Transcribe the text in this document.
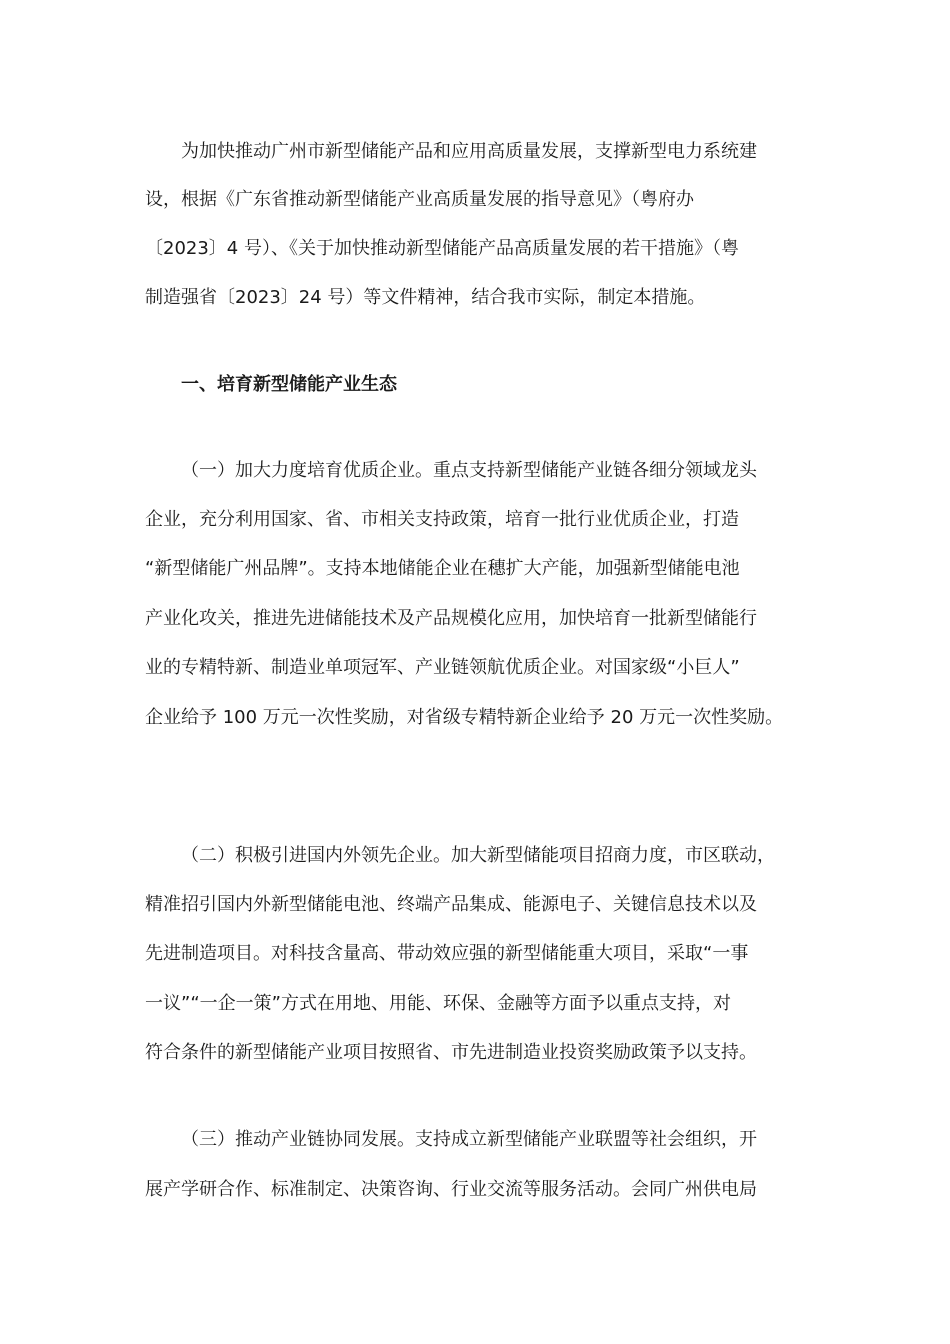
为加快推动广州市新型储能产品和应用高质量发展，支撑新型电力系统建
设，根据《广东省推动新型储能产业高质量发展的指导意见》（粤府办
〔2023〕4 号）、《关于加快推动新型储能产品高质量发展的若干措施》（粤
制造强省〔2023〕24 号）等文件精神，结合我市实际，制定本措施。
一、培育新型储能产业生态
（一）加大力度培育优质企业。重点支持新型储能产业链各细分领域龙头
企业，充分利用国家、省、市相关支持政策，培育一批行业优质企业，打造
“新型储能广州品牌”。支持本地储能企业在穗扩大产能，加强新型储能电池
产业化攻关，推进先进储能技术及产品规模化应用，加快培育一批新型储能行
业的专精特新、制造业单项冠军、产业链领航优质企业。对国家级“小巨人”
企业给予 100 万元一次性奖励，对省级专精特新企业给予 20 万元一次性奖励。
（二）积极引进国内外领先企业。加大新型储能项目招商力度，市区联动，
精准招引国内外新型储能电池、终端产品集成、能源电子、关键信息技术以及
先进制造项目。对科技含量高、带动效应强的新型储能重大项目，采取“一事
一议”“一企一策”方式在用地、用能、环保、金融等方面予以重点支持，对
符合条件的新型储能产业项目按照省、市先进制造业投资奖励政策予以支持。
（三）推动产业链协同发展。支持成立新型储能产业联盟等社会组织，开
展产学研合作、标准制定、决策咨询、行业交流等服务活动。会同广州供电局
